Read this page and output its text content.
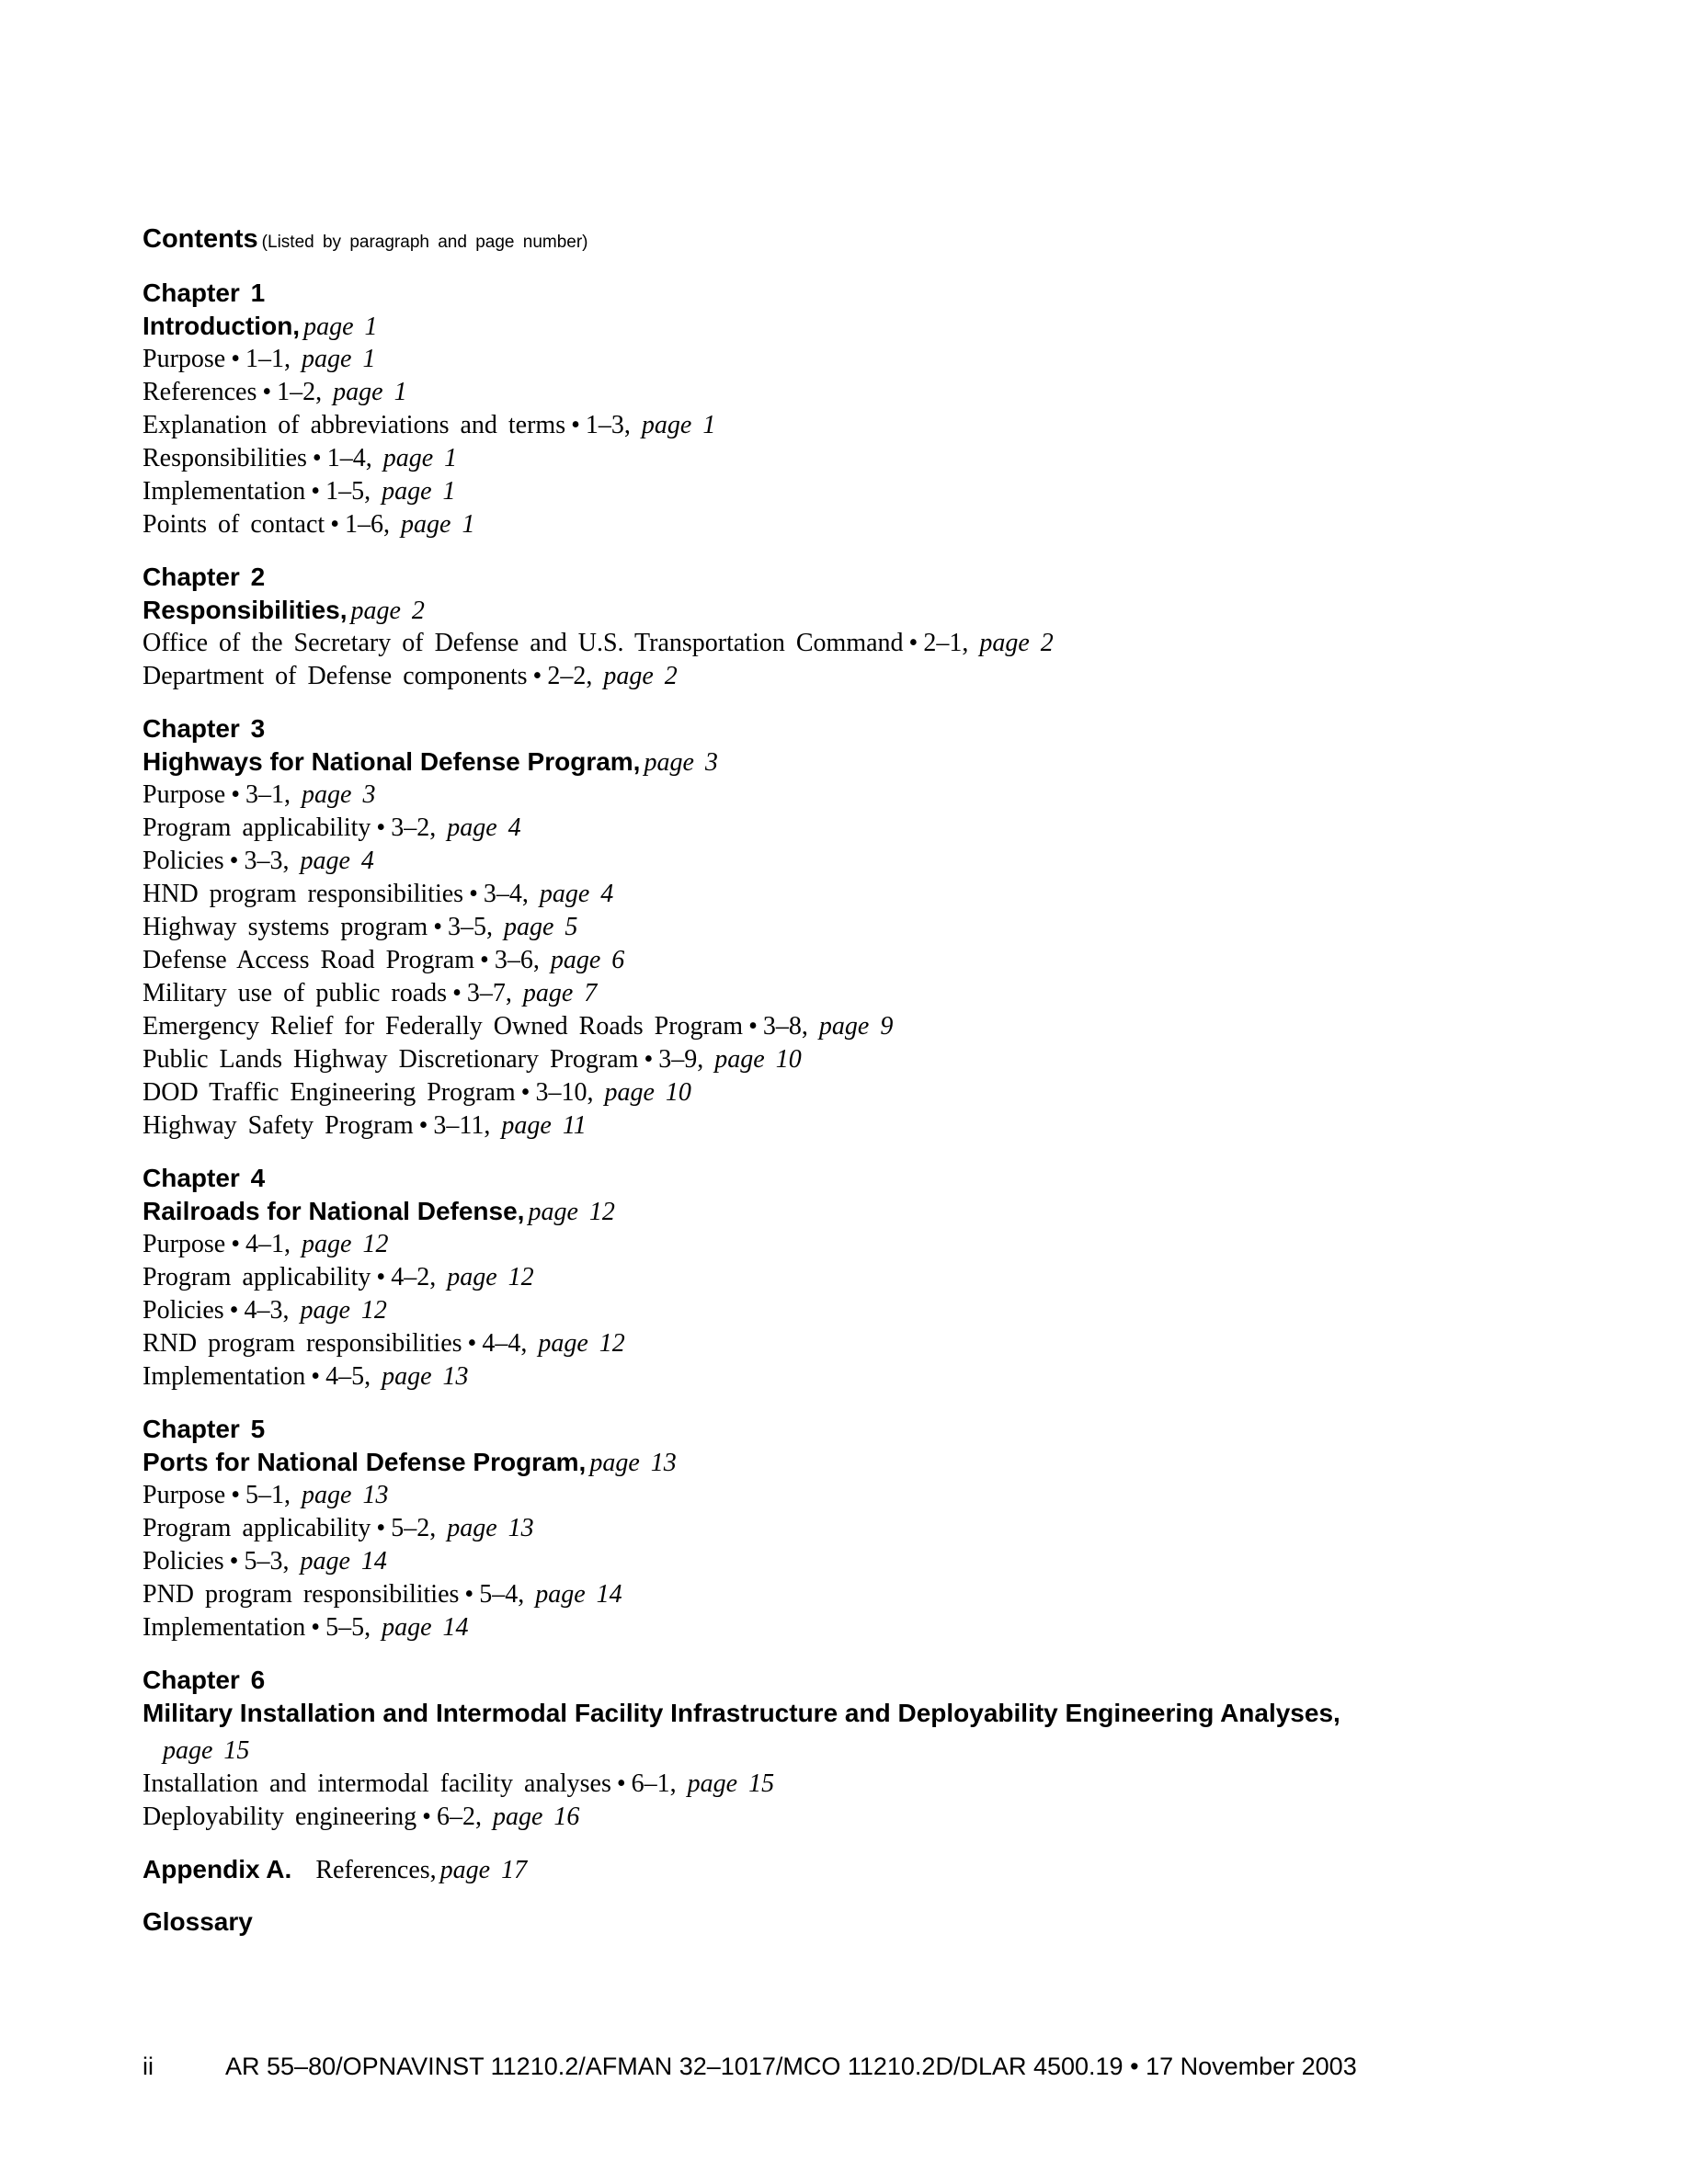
Contents (Listed by paragraph and page number)
Chapter 1
Introduction, page 1
Purpose • 1–1, page 1
References • 1–2, page 1
Explanation of abbreviations and terms • 1–3, page 1
Responsibilities • 1–4, page 1
Implementation • 1–5, page 1
Points of contact • 1–6, page 1
Chapter 2
Responsibilities, page 2
Office of the Secretary of Defense and U.S. Transportation Command • 2–1, page 2
Department of Defense components • 2–2, page 2
Chapter 3
Highways for National Defense Program, page 3
Purpose • 3–1, page 3
Program applicability • 3–2, page 4
Policies • 3–3, page 4
HND program responsibilities • 3–4, page 4
Highway systems program • 3–5, page 5
Defense Access Road Program • 3–6, page 6
Military use of public roads • 3–7, page 7
Emergency Relief for Federally Owned Roads Program • 3–8, page 9
Public Lands Highway Discretionary Program • 3–9, page 10
DOD Traffic Engineering Program • 3–10, page 10
Highway Safety Program • 3–11, page 11
Chapter 4
Railroads for National Defense, page 12
Purpose • 4–1, page 12
Program applicability • 4–2, page 12
Policies • 4–3, page 12
RND program responsibilities • 4–4, page 12
Implementation • 4–5, page 13
Chapter 5
Ports for National Defense Program, page 13
Purpose • 5–1, page 13
Program applicability • 5–2, page 13
Policies • 5–3, page 14
PND program responsibilities • 5–4, page 14
Implementation • 5–5, page 14
Chapter 6
Military Installation and Intermodal Facility Infrastructure and Deployability Engineering Analyses,
page 15
Installation and intermodal facility analyses • 6–1, page 15
Deployability engineering • 6–2, page 16
Appendix A. References, page 17
Glossary
ii	AR 55–80/OPNAVINST 11210.2/AFMAN 32–1017/MCO 11210.2D/DLAR 4500.19 • 17 November 2003
